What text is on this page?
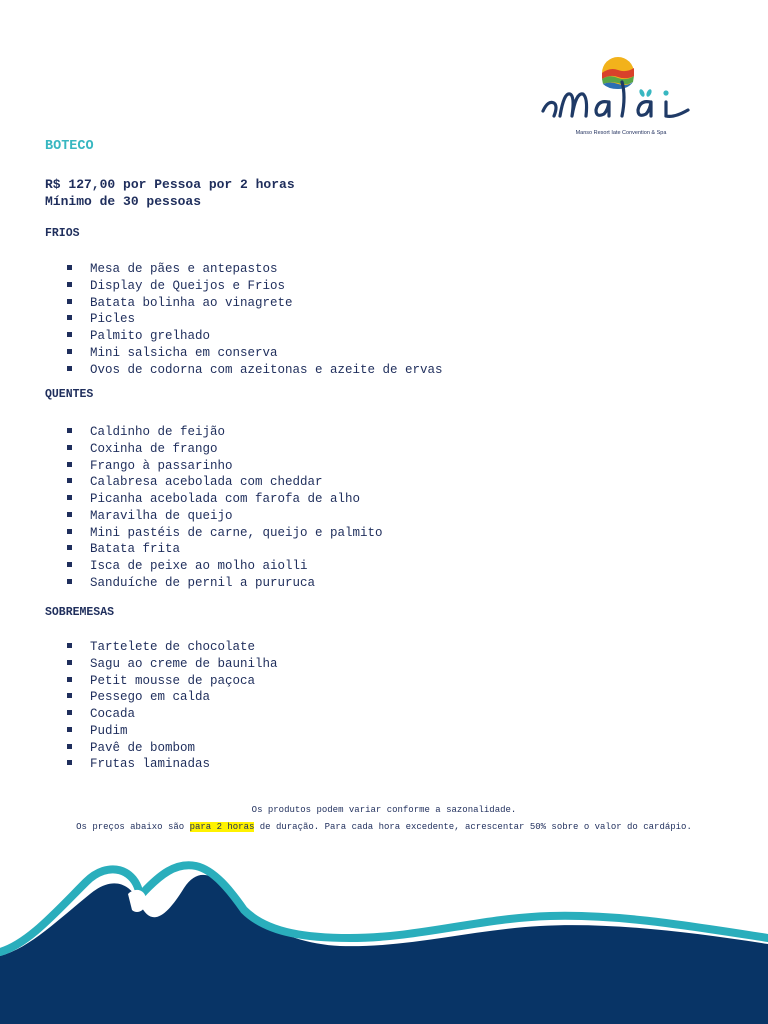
Manso Resort Iate Convention & Spa
BOTECO
R$ 127,00 por Pessoa por 2 horas
Mínimo de 30 pessoas
FRIOS
Mesa de pães e antepastos
Display de Queijos e Frios
Batata bolinha ao vinagrete
Picles
Palmito grelhado
Mini salsicha em conserva
Ovos de codorna com azeitonas e azeite de ervas
QUENTES
Caldinho de feijão
Coxinha de frango
Frango à passarinho
Calabresa acebolada com cheddar
Picanha acebolada com farofa de alho
Maravilha de queijo
Mini pastéis de carne, queijo e palmito
Batata frita
Isca de peixe ao molho aiolli
Sanduíche de pernil a pururuca
SOBREMESAS
Tartelete de chocolate
Sagu ao creme de baunilha
Petit mousse de paçoca
Pessego em calda
Cocada
Pudim
Pavê de bombom
Frutas laminadas
Os produtos podem variar conforme a sazonalidade.
Os preços abaixo são para 2 horas de duração. Para cada hora excedente, acrescentar 50% sobre o valor do cardápio.
